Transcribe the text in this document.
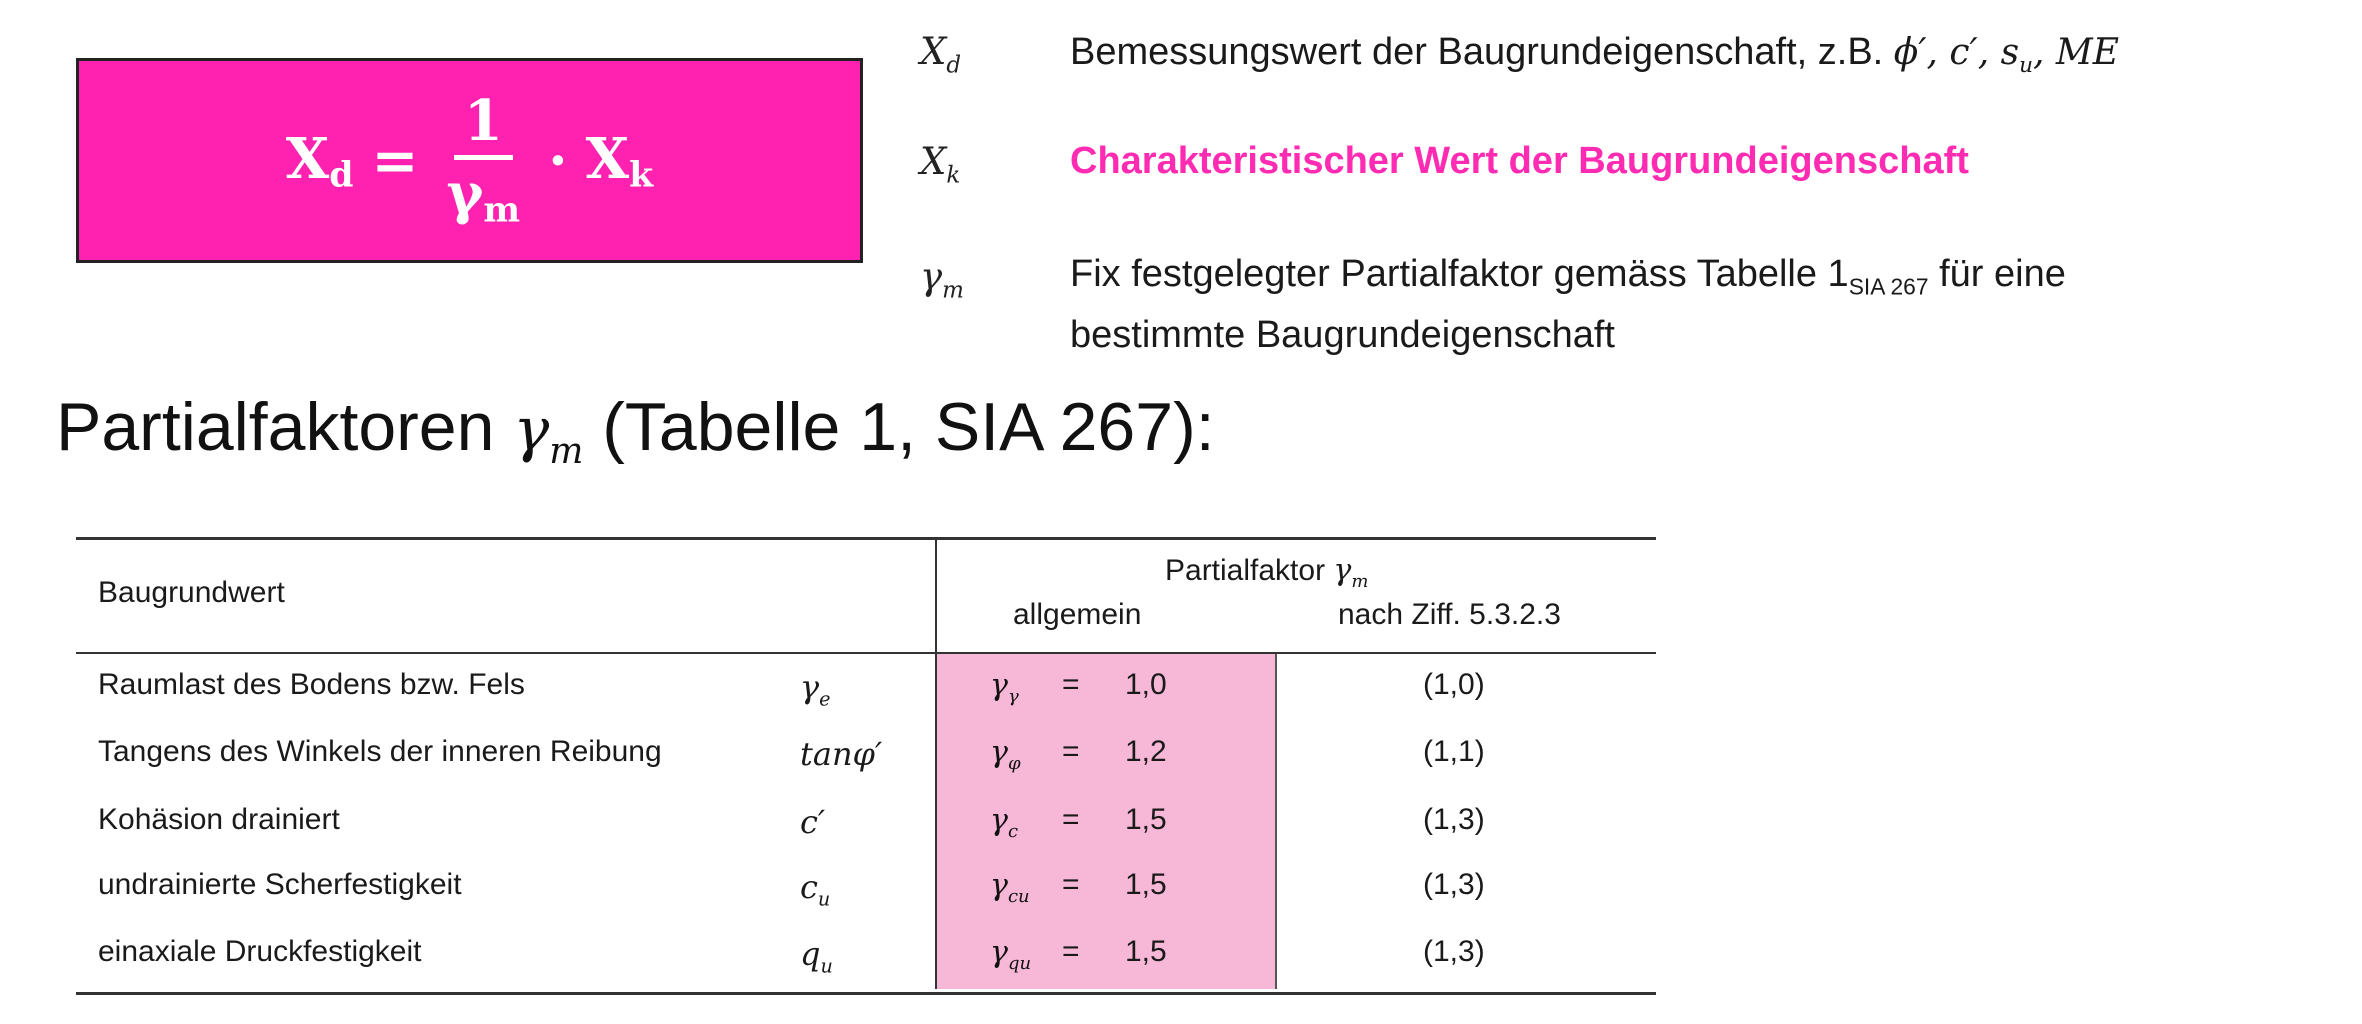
$X_d = \frac{1}{\gamma_m} \cdot X_k$
$X_d$	Bemessungswert der Baugrundeigenschaft, z.B. ϕ′, c′, $s_u$, ME
$X_k$	Charakteristischer Wert der Baugrundeigenschaft
$\gamma_m$	Fix festgelegter Partialfaktor gemäss Tabelle $1_{SIA 267}$ für eine
bestimmte Baugrundeigenschaft
Partialfaktoren $\gamma_m$ (Tabelle 1, SIA 267):
Baugrundwert
Partialfaktor $\gamma_m$
allgemein	nach Ziff. 5.3.2.3
Raumlast des Bodens bzw. Fels	$\gamma_e$	$\gamma_\gamma = 1,0$	(1,0)
Tangens des Winkels der inneren Reibung	tanφ′	$\gamma_\varphi = 1,2$	(1,1)
Kohäsion drainiert	c′	$\gamma_c = 1,5$	(1,3)
undrainierte Scherfestigkeit	$c_u$	$\gamma_{cu} = 1,5$	(1,3)
einaxiale Druckfestigkeit	$q_u$	$\gamma_{qu} = 1,5$	(1,3)
